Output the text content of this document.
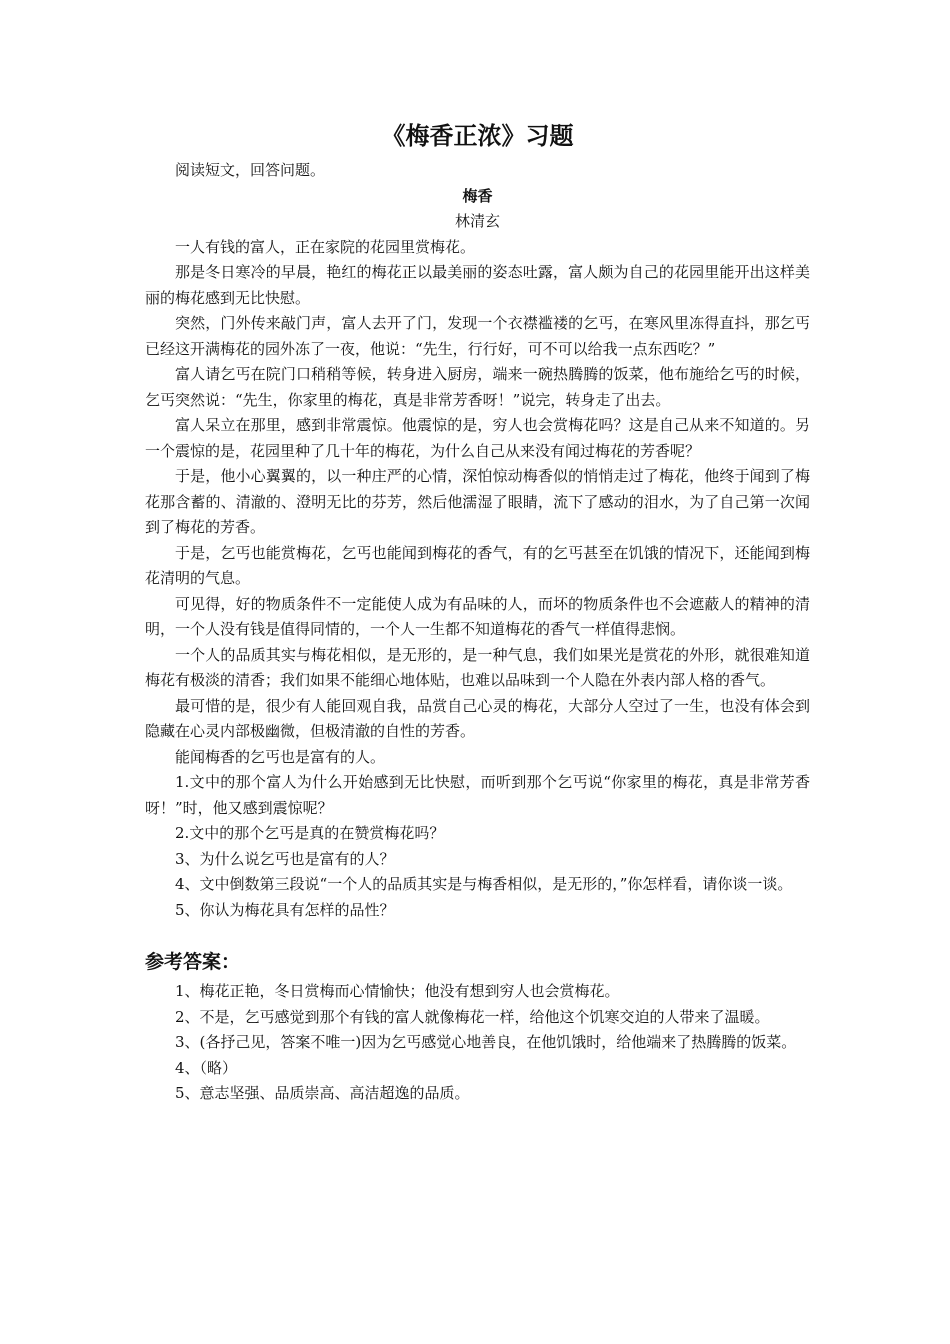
《梅香正浓》习题

阅读短文，回答问题。

梅香

林清玄

一人有钱的富人，正在家院的花园里赏梅花。

那是冬日寒冷的早晨，艳红的梅花正以最美丽的姿态吐露，富人颇为自己的花园里能开出这样美丽的梅花感到无比快慰。

突然，门外传来敲门声，富人去开了门，发现一个衣襟褴褛的乞丐，在寒风里冻得直抖，那乞丐已经这开满梅花的园外冻了一夜，他说：“先生，行行好，可不可以给我一点东西吃？”

富人请乞丐在院门口稍稍等候，转身进入厨房，端来一碗热腾腾的饭菜，他布施给乞丐的时候，乞丐突然说：“先生，你家里的梅花，真是非常芳香呀！”说完，转身走了出去。

富人呆立在那里，感到非常震惊。他震惊的是，穷人也会赏梅花吗？这是自己从来不知道的。另一个震惊的是，花园里种了几十年的梅花，为什么自己从来没有闻过梅花的芳香呢？

于是，他小心翼翼的，以一种庄严的心情，深怕惊动梅香似的悄悄走过了梅花，他终于闻到了梅花那含蓄的、清澈的、澄明无比的芬芳，然后他濡湿了眼睛，流下了感动的泪水，为了自己第一次闻到了梅花的芳香。

于是，乞丐也能赏梅花，乞丐也能闻到梅花的香气，有的乞丐甚至在饥饿的情况下，还能闻到梅花清明的气息。

可见得，好的物质条件不一定能使人成为有品味的人，而坏的物质条件也不会遮蔽人的精神的清明，一个人没有钱是值得同情的，一个人一生都不知道梅花的香气一样值得悲悯。

一个人的品质其实与梅花相似，是无形的，是一种气息，我们如果光是赏花的外形，就很难知道梅花有极淡的清香；我们如果不能细心地体贴，也难以品味到一个人隐在外表内部人格的香气。

最可惜的是，很少有人能回观自我，品赏自己心灵的梅花，大部分人空过了一生，也没有体会到隐藏在心灵内部极幽微，但极清澈的自性的芳香。

能闻梅香的乞丐也是富有的人。

1.文中的那个富人为什么开始感到无比快慰，而听到那个乞丐说“你家里的梅花，真是非常芳香呀！”时，他又感到震惊呢？

2.文中的那个乞丐是真的在赞赏梅花吗？

3、为什么说乞丐也是富有的人？

4、文中倒数第三段说“一个人的品质其实是与梅香相似，是无形的，”你怎样看，请你谈一谈。

5、你认为梅花具有怎样的品性？

参考答案：

1、梅花正艳，冬日赏梅而心情愉快；他没有想到穷人也会赏梅花。

2、不是，乞丐感觉到那个有钱的富人就像梅花一样，给他这个饥寒交迫的人带来了温暖。

3、(各抒己见，答案不唯一)因为乞丐感觉心地善良，在他饥饿时，给他端来了热腾腾的饭菜。

4、（略）

5、意志坚强、品质崇高、高洁超逸的品质。
